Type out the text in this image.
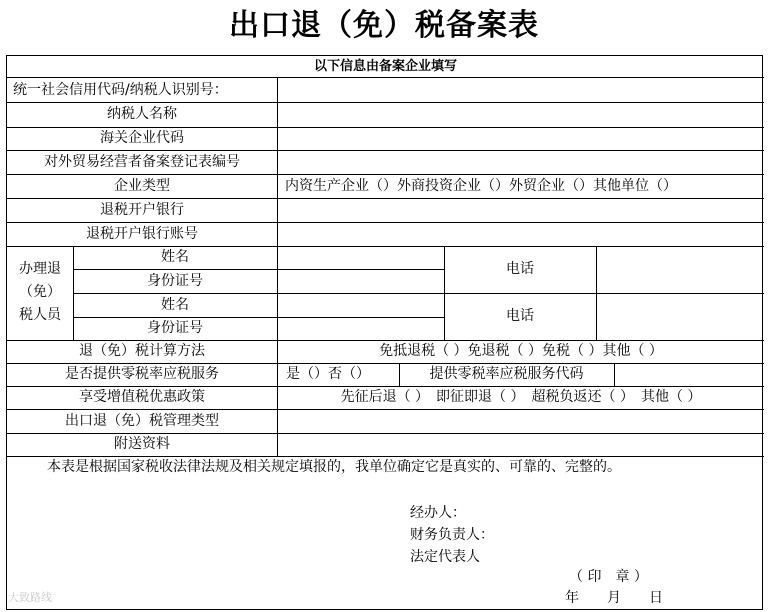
出口退（免）税备案表
以下信息由备案企业填写
统一社会信用代码/纳税人识别号：
纳税人名称
海关企业代码
对外贸易经营者备案登记表编号
企业类型	内资生产企业（）外商投资企业（）外贸企业（）其他单位（）
退税开户银行
退税开户银行账号
办理退
（免）
税人员
姓名
身份证号
电话
姓名
身份证号
电话
退（免）税计算方法	免抵退税（ ）免退税（ ）免税（ ）其他（ ）
是否提供零税率应税服务	是（）否（）	提供零税率应税服务代码
享受增值税优惠政策	先征后退（ ）　即征即退（ ）　超税负返还（ ）　其他（ ）
出口退（免）税管理类型
附送资料
本表是根据国家税收法律法规及相关规定填报的，我单位确定它是真实的、可靠的、完整的。
经办人：
财务负责人：
法定代表人
（ 印　章 ）
年　　月　　日
大致路线
